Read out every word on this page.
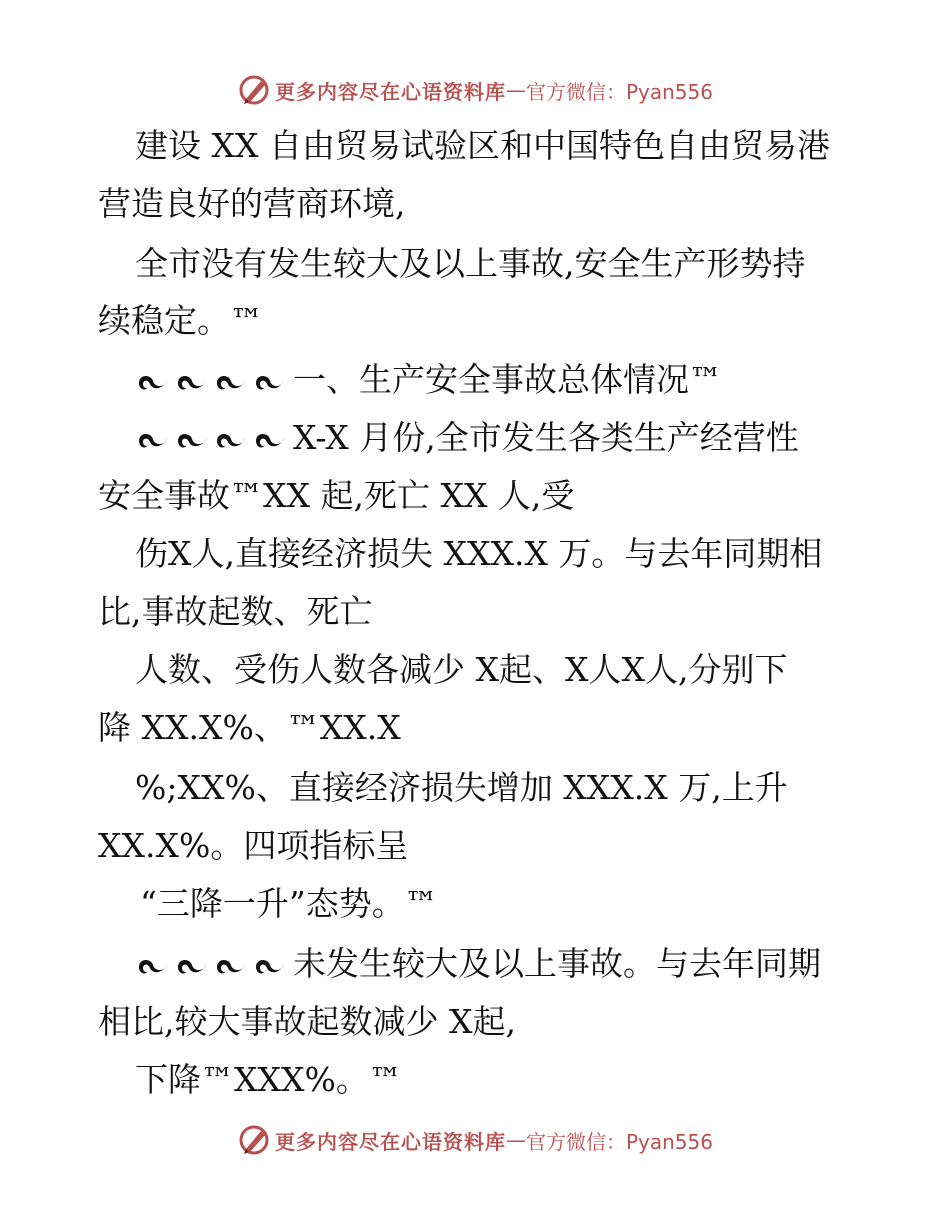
更多内容尽在心语资料库 — 官方微信：Pyan556
建设 XX 自由贸易试验区和中国特色自由贸易港
营造良好的营商环境,
全市没有发生较大及以上事故,安全生产形势持
续稳定。™
一、生产安全事故总体情况™
X-X 月份,全市发生各类生产经营性
安全事故™XX 起,死亡 XX 人,受
伤X人,直接经济损失 XXX.X 万。与去年同期相
比,事故起数、死亡
人数、受伤人数各减少 X起、X人X人,分别下
降 XX.X%、™XX.X
%;XX%、直接经济损失增加 XXX.X 万,上升
XX.X%。四项指标呈
“三降一升”态势。™
未发生较大及以上事故。与去年同期
相比,较大事故起数减少 X起,
下降™XXX%。™
更多内容尽在心语资料库 — 官方微信：Pyan556
